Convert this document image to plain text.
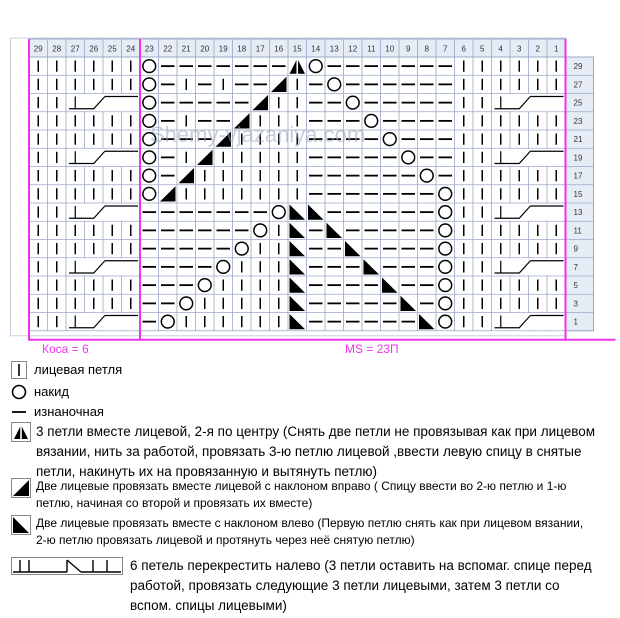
29 28 27 26 25 24 23 22 21 20 19 18 17 16 15 14 13 12 11 10 9 8 7 6 5 4 3 2 1
29
27
25
23
21
19
17
15
13
11
9
7
5
3
1
Коса = 6	MS = 23П
Shemy-vjazaniya.com
лицевая петля
накид
изнаночная
3 петли вместе лицевой, 2-я по центру (Снять две петли не провязывая как при лицевом вязании, нить за работой, провязать 3-ю петлю лицевой ,ввести левую спицу в снятые петли, накинуть их на провязанную и вытянуть петлю)
Две лицевые провязать вместе лицевой с наклоном вправо ( Спицу ввести во 2-ю петлю и 1-ю петлю, начиная со второй и провязать их вместе)
Две лицевые провязать вместе с наклоном влево (Первую петлю снять как при лицевом вязании, 2-ю петлю провязать лицевой и протянуть через неё снятую петлю)
6 петель перекрестить налево (3 петли оставить на вспомаг. спице перед работой, провязать следующие 3 петли лицевыми, затем 3 петли со вспом. спицы лицевыми)
